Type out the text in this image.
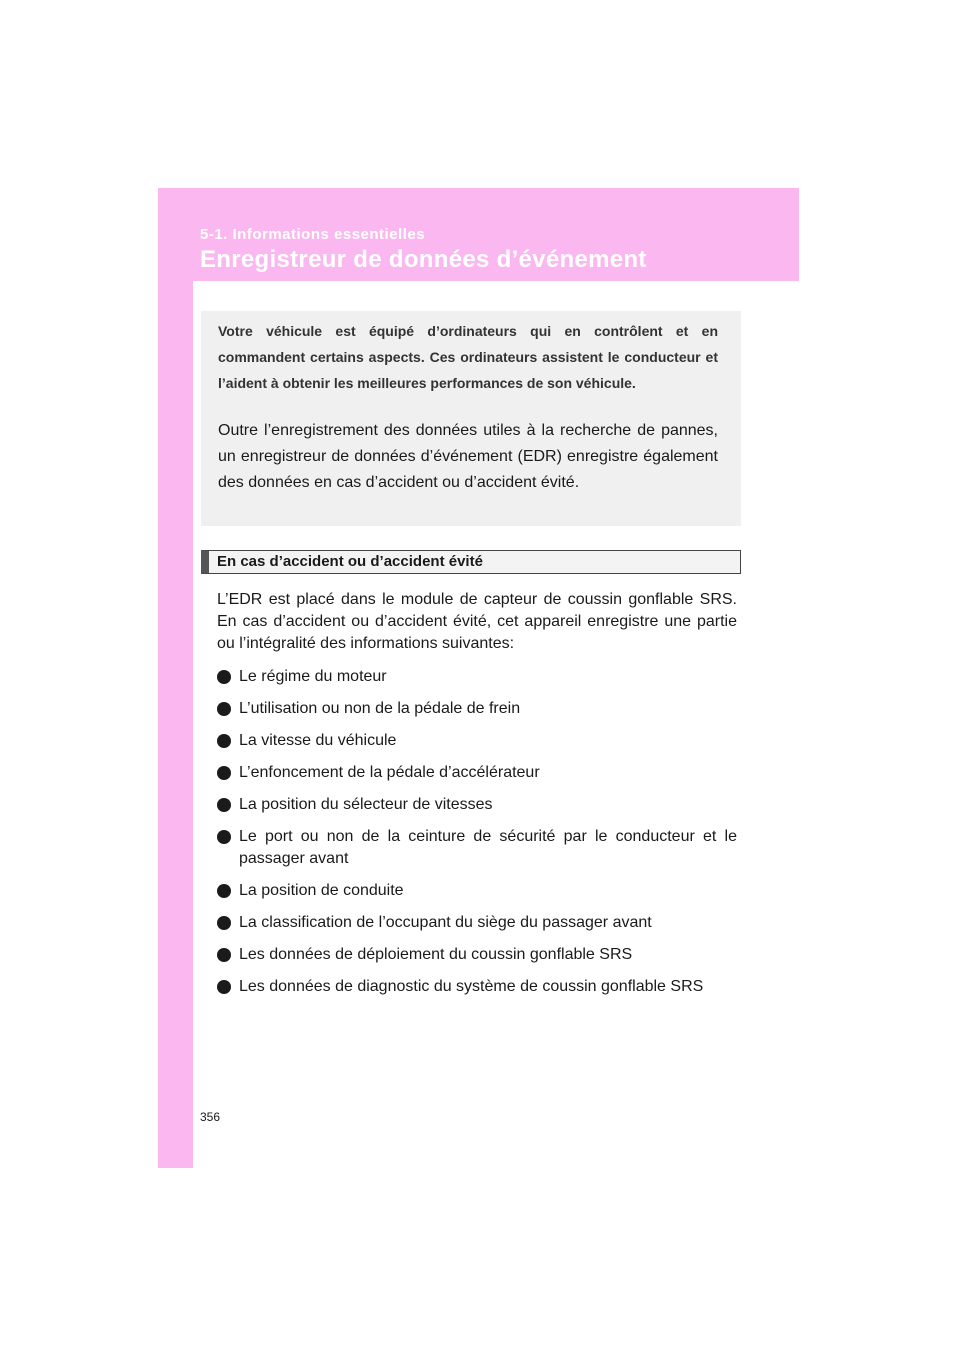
5-1. Informations essentielles
Enregistreur de données d’événement
Votre véhicule est équipé d’ordinateurs qui en contrôlent et en commandent certains aspects. Ces ordinateurs assistent le conducteur et l’aident à obtenir les meilleures performances de son véhicule.
Outre l’enregistrement des données utiles à la recherche de pannes, un enregistreur de données d’événement (EDR) enregistre également des données en cas d’accident ou d’accident évité.
En cas d’accident ou d’accident évité
L’EDR est placé dans le module de capteur de coussin gonflable SRS. En cas d’accident ou d’accident évité, cet appareil enregistre une partie ou l’intégralité des informations suivantes:
Le régime du moteur
L’utilisation ou non de la pédale de frein
La vitesse du véhicule
L’enfoncement de la pédale d’accélérateur
La position du sélecteur de vitesses
Le port ou non de la ceinture de sécurité par le conducteur et le passager avant
La position de conduite
La classification de l’occupant du siège du passager avant
Les données de déploiement du coussin gonflable SRS
Les données de diagnostic du système de coussin gonflable SRS
356
